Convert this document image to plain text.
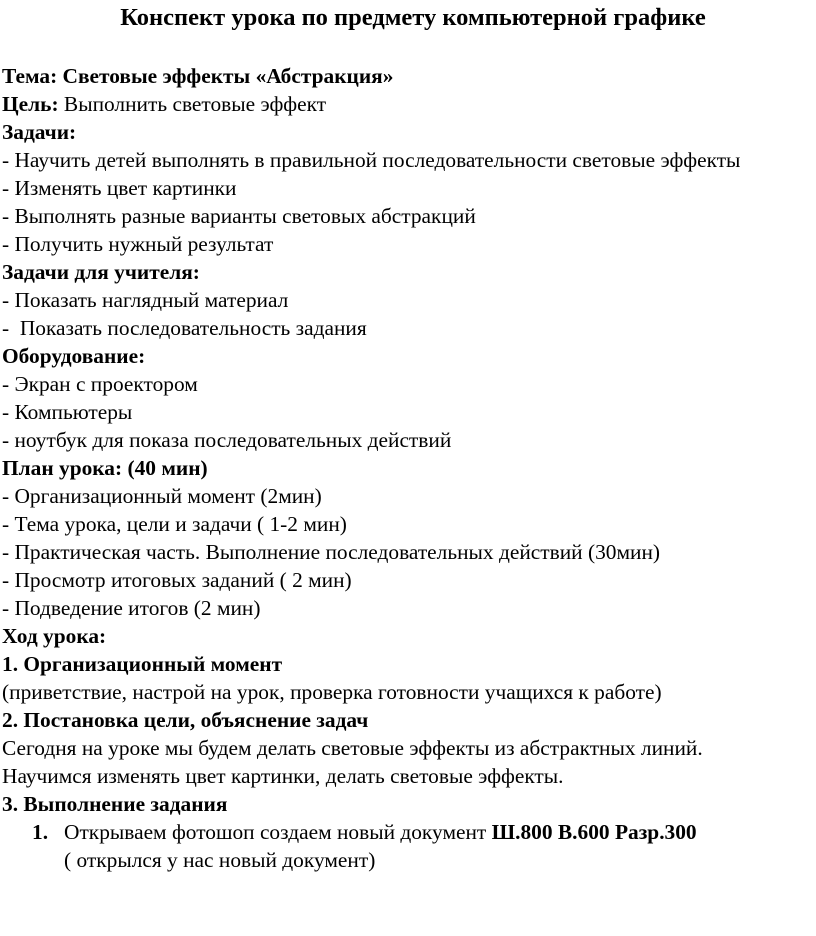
Конспект урока по предмету компьютерной графике
Тема: Световые эффекты «Абстракция»
Цель: Выполнить световые эффект
Задачи:
- Научить детей выполнять в правильной последовательности световые эффекты
- Изменять цвет картинки
- Выполнять разные варианты световых абстракций
- Получить нужный результат
Задачи для учителя:
- Показать наглядный материал
-  Показать последовательность задания
Оборудование:
- Экран с проектором
- Компьютеры
- ноутбук для показа последовательных действий
План урока: (40 мин)
- Организационный момент (2мин)
- Тема урока, цели и задачи ( 1-2 мин)
- Практическая часть. Выполнение последовательных действий (30мин)
- Просмотр итоговых заданий ( 2 мин)
- Подведение итогов (2 мин)
Ход урока:
1. Организационный момент
(приветствие, настрой на урок, проверка готовности учащихся к работе)
2. Постановка цели, объяснение задач
Сегодня на уроке мы будем делать световые эффекты из абстрактных линий.
Научимся изменять цвет картинки, делать световые эффекты.
3. Выполнение задания
1. Открываем фотошоп создаем новый документ Ш.800 В.600 Разр.300
( открылся у нас новый документ)
